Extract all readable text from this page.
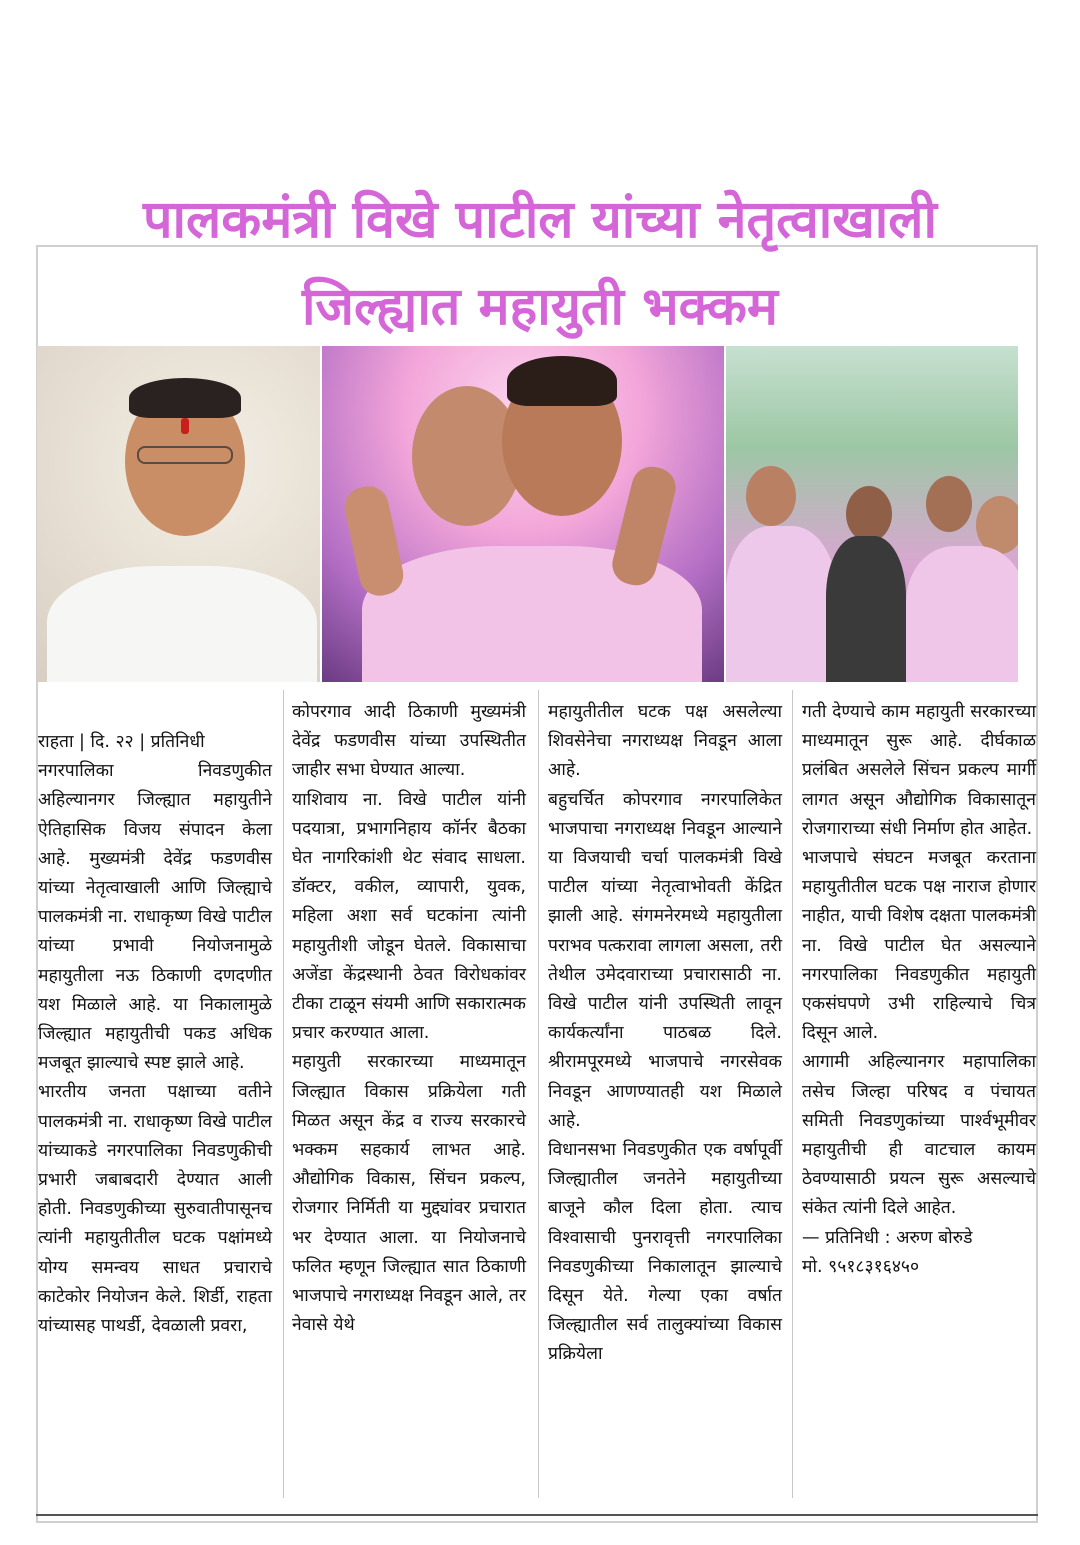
पालकमंत्री विखे पाटील यांच्या नेतृत्वाखाली
जिल्ह्यात महायुती भक्कम

राहता | दि. २२ | प्रतिनिधी

नगरपालिका निवडणुकीत अहिल्यानगर जिल्ह्यात महायुतीने ऐतिहासिक विजय संपादन केला आहे. मुख्यमंत्री देवेंद्र फडणवीस यांच्या नेतृत्वाखाली आणि जिल्ह्याचे पालकमंत्री ना. राधाकृष्ण विखे पाटील यांच्या प्रभावी नियोजनामुळे महायुतीला नऊ ठिकाणी दणदणीत यश मिळाले आहे. या निकालामुळे जिल्ह्यात महायुतीची पकड अधिक मजबूत झाल्याचे स्पष्ट झाले आहे.

भारतीय जनता पक्षाच्या वतीने पालकमंत्री ना. राधाकृष्ण विखे पाटील यांच्याकडे नगरपालिका निवडणुकीची प्रभारी जबाबदारी देण्यात आली होती. निवडणुकीच्या सुरुवातीपासूनच त्यांनी महायुतीतील घटक पक्षांमध्ये योग्य समन्वय साधत प्रचाराचे काटेकोर नियोजन केले. शिर्डी, राहता यांच्यासह पाथर्डी, देवळाली प्रवरा,

कोपरगाव आदी ठिकाणी मुख्यमंत्री देवेंद्र फडणवीस यांच्या उपस्थितीत जाहीर सभा घेण्यात आल्या.

याशिवाय ना. विखे पाटील यांनी पदयात्रा, प्रभागनिहाय कॉर्नर बैठका घेत नागरिकांशी थेट संवाद साधला. डॉक्टर, वकील, व्यापारी, युवक, महिला अशा सर्व घटकांना त्यांनी महायुतीशी जोडून घेतले. विकासाचा अजेंडा केंद्रस्थानी ठेवत विरोधकांवर टीका टाळून संयमी आणि सकारात्मक प्रचार करण्यात आला.

महायुती सरकारच्या माध्यमातून जिल्ह्यात विकास प्रक्रियेला गती मिळत असून केंद्र व राज्य सरकारचे भक्कम सहकार्य लाभत आहे. औद्योगिक विकास, सिंचन प्रकल्प, रोजगार निर्मिती या मुद्द्यांवर प्रचारात भर देण्यात आला. या नियोजनाचे फलित म्हणून जिल्ह्यात सात ठिकाणी भाजपाचे नगराध्यक्ष निवडून आले, तर नेवासे येथे

महायुतीतील घटक पक्ष असलेल्या शिवसेनेचा नगराध्यक्ष निवडून आला आहे.

बहुचर्चित कोपरगाव नगरपालिकेत भाजपाचा नगराध्यक्ष निवडून आल्याने या विजयाची चर्चा पालकमंत्री विखे पाटील यांच्या नेतृत्वाभोवती केंद्रित झाली आहे. संगमनेरमध्ये महायुतीला पराभव पत्करावा लागला असला, तरी तेथील उमेदवाराच्या प्रचारासाठी ना. विखे पाटील यांनी उपस्थिती लावून कार्यकर्त्यांना पाठबळ दिले. श्रीरामपूरमध्ये भाजपाचे नगरसेवक निवडून आणण्यातही यश मिळाले आहे.

विधानसभा निवडणुकीत एक वर्षापूर्वी जिल्ह्यातील जनतेने महायुतीच्या बाजूने कौल दिला होता. त्याच विश्वासाची पुनरावृत्ती नगरपालिका निवडणुकीच्या निकालातून झाल्याचे दिसून येते. गेल्या एका वर्षात जिल्ह्यातील सर्व तालुक्यांच्या विकास प्रक्रियेला

गती देण्याचे काम महायुती सरकारच्या माध्यमातून सुरू आहे. दीर्घकाळ प्रलंबित असलेले सिंचन प्रकल्प मार्गी लागत असून औद्योगिक विकासातून रोजगाराच्या संधी निर्माण होत आहेत.

भाजपाचे संघटन मजबूत करताना महायुतीतील घटक पक्ष नाराज होणार नाहीत, याची विशेष दक्षता पालकमंत्री ना. विखे पाटील घेत असल्याने नगरपालिका निवडणुकीत महायुती एकसंघपणे उभी राहिल्याचे चित्र दिसून आले.

आगामी अहिल्यानगर महापालिका तसेच जिल्हा परिषद व पंचायत समिती निवडणुकांच्या पार्श्वभूमीवर महायुतीची ही वाटचाल कायम ठेवण्यासाठी प्रयत्न सुरू असल्याचे संकेत त्यांनी दिले आहेत.

— प्रतिनिधी : अरुण बोरुडे

मो. ९५१८३१६४५०
